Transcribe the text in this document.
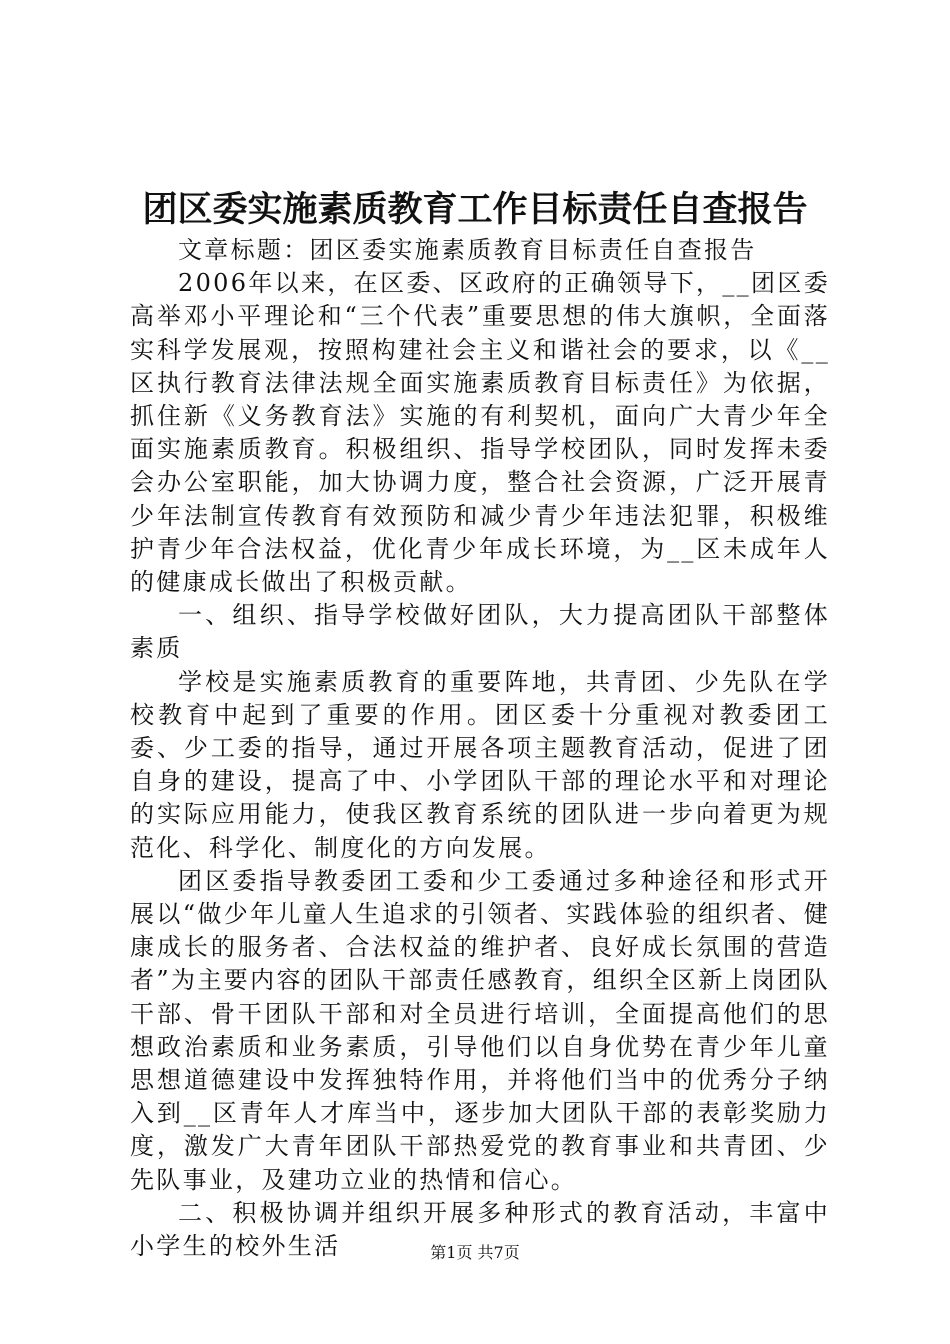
团区委实施素质教育工作目标责任自查报告

文章标题：团区委实施素质教育目标责任自查报告

2006年以来，在区委、区政府的正确领导下，__团区委高举邓小平理论和“三个代表”重要思想的伟大旗帜，全面落实科学发展观，按照构建社会主义和谐社会的要求，以《__区执行教育法律法规全面实施素质教育目标责任》为依据，抓住新《义务教育法》实施的有利契机，面向广大青少年全面实施素质教育。积极组织、指导学校团队，同时发挥未委会办公室职能，加大协调力度，整合社会资源，广泛开展青少年法制宣传教育有效预防和减少青少年违法犯罪，积极维护青少年合法权益，优化青少年成长环境，为__区未成年人的健康成长做出了积极贡献。

一、组织、指导学校做好团队，大力提高团队干部整体素质

学校是实施素质教育的重要阵地，共青团、少先队在学校教育中起到了重要的作用。团区委十分重视对教委团工委、少工委的指导，通过开展各项主题教育活动，促进了团自身的建设，提高了中、小学团队干部的理论水平和对理论的实际应用能力，使我区教育系统的团队进一步向着更为规范化、科学化、制度化的方向发展。

团区委指导教委团工委和少工委通过多种途径和形式开展以“做少年儿童人生追求的引领者、实践体验的组织者、健康成长的服务者、合法权益的维护者、良好成长氛围的营造者”为主要内容的团队干部责任感教育，组织全区新上岗团队干部、骨干团队干部和对全员进行培训，全面提高他们的思想政治素质和业务素质，引导他们以自身优势在青少年儿童思想道德建设中发挥独特作用，并将他们当中的优秀分子纳入到__区青年人才库当中，逐步加大团队干部的表彰奖励力度，激发广大青年团队干部热爱党的教育事业和共青团、少先队事业，及建功立业的热情和信心。

二、积极协调并组织开展多种形式的教育活动，丰富中小学生的校外生活	第1页 共7页
